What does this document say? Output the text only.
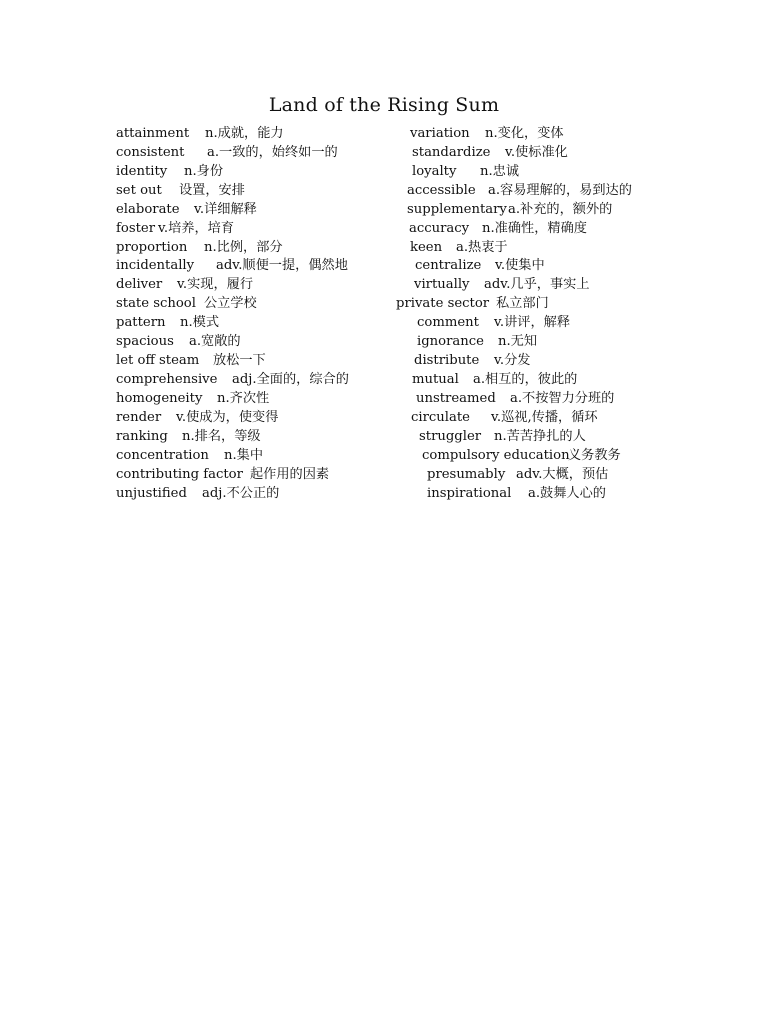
Land of the Rising Sum
attainment n.成就，能力
consistent a.一致的，始终如一的
identity n.身份
set out 设置，安排
elaborate v.详细解释
foster v.培养，培育
proportion n.比例，部分
incidentally adv.顺便一提，偶然地
deliver v.实现，履行
state school 公立学校
pattern n.模式
spacious a.宽敞的
let off steam 放松一下
comprehensive adj.全面的，综合的
homogeneity n.齐次性
render v.使成为，使变得
ranking n.排名，等级
concentration n.集中
contributing factor 起作用的因素
unjustified adj.不公正的
variation n.变化，变体
standardize v.使标准化
loyalty n.忠诚
accessible a.容易理解的，易到达的
supplementarya.补充的，额外的
accuracy n.准确性，精确度
keen a.热衷于
centralize v.使集中
virtually adv.几乎，事实上
private sector 私立部门
comment v.讲评，解释
ignorance n.无知
distribute v.分发
mutual a.相互的，彼此的
unstreamed a.不按智力分班的
circulate v.巡视,传播，循环
struggler n.苦苦挣扎的人
compulsory education义务教务
presumably adv.大概，预估
inspirational a.鼓舞人心的
